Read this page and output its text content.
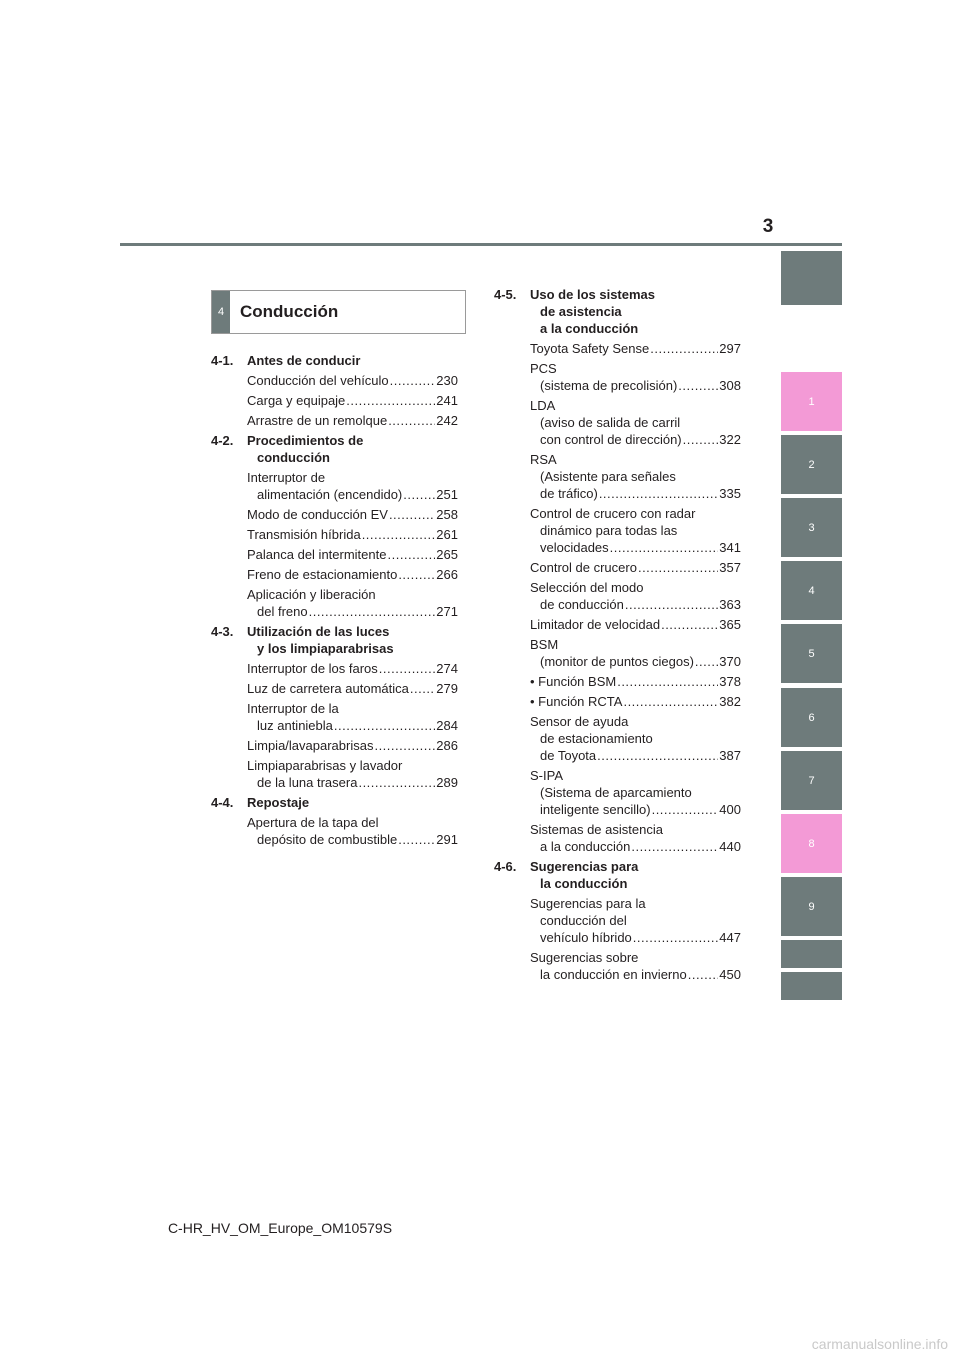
3
1
2
3
4
5
6
7
8
9
4 Conducción
4-1.	Antes de conducir
Conducción del vehículo .....	230
Carga y equipaje .....	241
Arrastre de un remolque .....	242
4-2.	Procedimientos de
conducción
Interruptor de
alimentación (encendido) .....	251
Modo de conducción EV .....	258
Transmisión híbrida .....	261
Palanca del intermitente .....	265
Freno de estacionamiento .....	266
Aplicación y liberación
del freno .....	271
4-3.	Utilización de las luces
y los limpiaparabrisas
Interruptor de los faros .....	274
Luz de carretera automática ..... 279
Interruptor de la
luz antiniebla .....	284
Limpia/lavaparabrisas .....	286
Limpiaparabrisas y lavador
de la luna trasera .....	289
4-4.	Repostaje
Apertura de la tapa del
depósito de combustible .....	291
4-5.	Uso de los sistemas
de asistencia
a la conducción
Toyota Safety Sense .....	297
PCS
(sistema de precolisión) .....	308
LDA
(aviso de salida de carril
con control de dirección) .....	322
RSA
(Asistente para señales
de tráfico) .....	335
Control de crucero con radar
dinámico para todas las
velocidades .....	341
Control de crucero .....	357
Selección del modo
de conducción .....	363
Limitador de velocidad .....	365
BSM
(monitor de puntos ciegos) ..... 370
• Función BSM .....	378
• Función RCTA .....	382
Sensor de ayuda
de estacionamiento
de Toyota .....	387
S-IPA
(Sistema de aparcamiento
inteligente sencillo) .....	400
Sistemas de asistencia
a la conducción .....	440
4-6.	Sugerencias para
la conducción
Sugerencias para la
conducción del
vehículo híbrido .....	447
Sugerencias sobre
la conducción en invierno .....	450
C-HR_HV_OM_Europe_OM10579S
carmanualsonline.info
